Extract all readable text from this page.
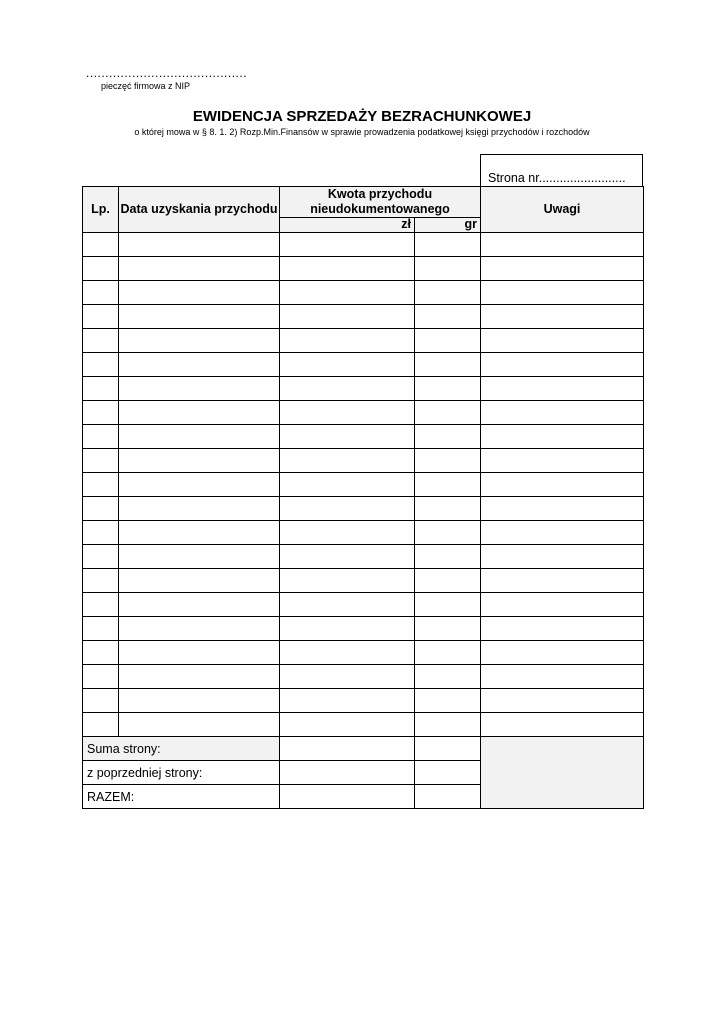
..........................................
pieczęć firmowa z NIP
EWIDENCJA SPRZEDAŻY BEZRACHUNKOWEJ
o której mowa w § 8. 1. 2) Rozp.Min.Finansów w sprawie prowadzenia podatkowej księgi przychodów i rozchodów
Strona nr.........................
Lp.	Data uzyskania przychodu	Kwota przychodu nieudokumentowanego		Uwagi
		zł	gr	

Suma strony:				
z poprzedniej strony:				
RAZEM:				
